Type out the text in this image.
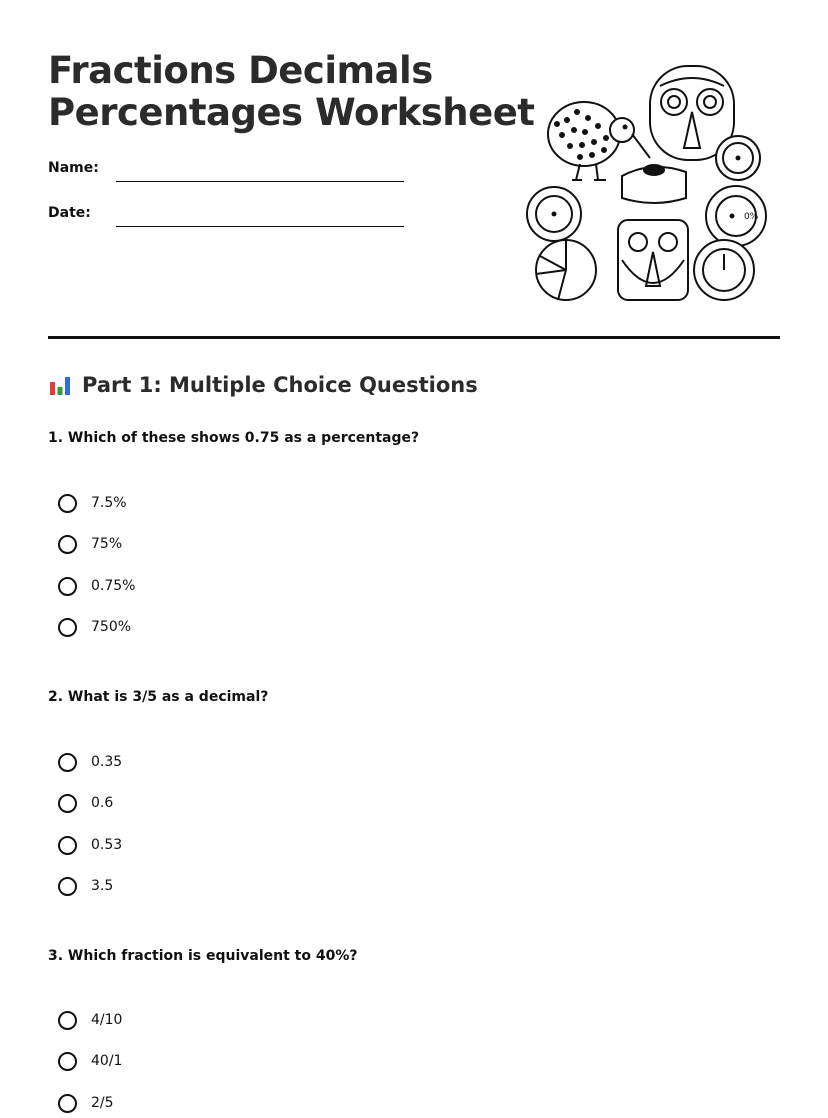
Fractions Decimals
Percentages Worksheet
Name:
Date:	0%
Part 1: Multiple Choice Questions
1. Which of these shows 0.75 as a percentage?
7.5%
75%
0.75%
750%
2. What is 3/5 as a decimal?
0.35
0.6
0.53
3.5
3. Which fraction is equivalent to 40%?
4/10
40/1
2/5
